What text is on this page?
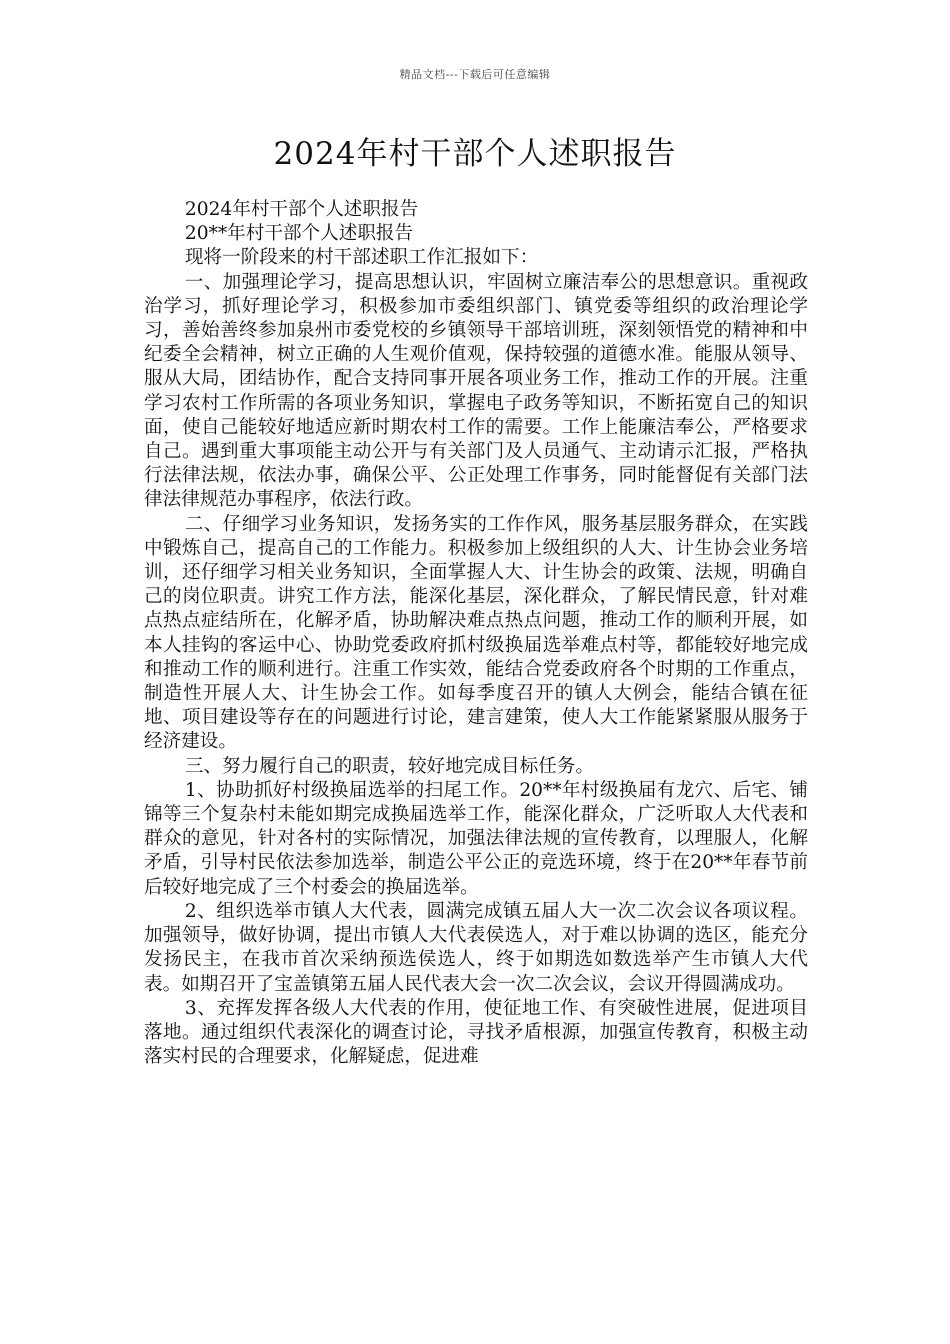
精品文档---下载后可任意编辑
2024年村干部个人述职报告

2024年村干部个人述职报告

20**年村干部个人述职报告

现将一阶段来的村干部述职工作汇报如下：

一、加强理论学习，提高思想认识，牢固树立廉洁奉公的思想意识。重视政治学习，抓好理论学习，积极参加市委组织部门、镇党委等组织的政治理论学习，善始善终参加泉州市委党校的乡镇领导干部培训班，深刻领悟党的精神和中纪委全会精神，树立正确的人生观价值观，保持较强的道德水准。能服从领导、服从大局，团结协作，配合支持同事开展各项业务工作，推动工作的开展。注重学习农村工作所需的各项业务知识，掌握电子政务等知识，不断拓宽自己的知识面，使自己能较好地适应新时期农村工作的需要。工作上能廉洁奉公，严格要求自己。遇到重大事项能主动公开与有关部门及人员通气、主动请示汇报，严格执行法律法规，依法办事，确保公平、公正处理工作事务，同时能督促有关部门法律法律规范办事程序，依法行政。

二、仔细学习业务知识，发扬务实的工作作风，服务基层服务群众，在实践中锻炼自己，提高自己的工作能力。积极参加上级组织的人大、计生协会业务培训，还仔细学习相关业务知识，全面掌握人大、计生协会的政策、法规，明确自己的岗位职责。讲究工作方法，能深化基层，深化群众，了解民情民意，针对难点热点症结所在，化解矛盾，协助解决难点热点问题，推动工作的顺利开展，如本人挂钩的客运中心、协助党委政府抓村级换届选举难点村等，都能较好地完成和推动工作的顺利进行。注重工作实效，能结合党委政府各个时期的工作重点，制造性开展人大、计生协会工作。如每季度召开的镇人大例会，能结合镇在征地、项目建设等存在的问题进行讨论，建言建策，使人大工作能紧紧服从服务于经济建设。

三、努力履行自己的职责，较好地完成目标任务。

1、协助抓好村级换届选举的扫尾工作。20**年村级换届有龙穴、后宅、铺锦等三个复杂村未能如期完成换届选举工作，能深化群众，广泛听取人大代表和群众的意见，针对各村的实际情况，加强法律法规的宣传教育，以理服人，化解矛盾，引导村民依法参加选举，制造公平公正的竞选环境，终于在20**年春节前后较好地完成了三个村委会的换届选举。

2、组织选举市镇人大代表，圆满完成镇五届人大一次二次会议各项议程。加强领导，做好协调，提出市镇人大代表侯选人，对于难以协调的选区，能充分发扬民主，在我市首次采纳预选侯选人，终于如期选如数选举产生市镇人大代表。如期召开了宝盖镇第五届人民代表大会一次二次会议，会议开得圆满成功。

3、充挥发挥各级人大代表的作用，使征地工作、有突破性进展，促进项目落地。通过组织代表深化的调查讨论，寻找矛盾根源，加强宣传教育，积极主动落实村民的合理要求，化解疑虑，促进难
